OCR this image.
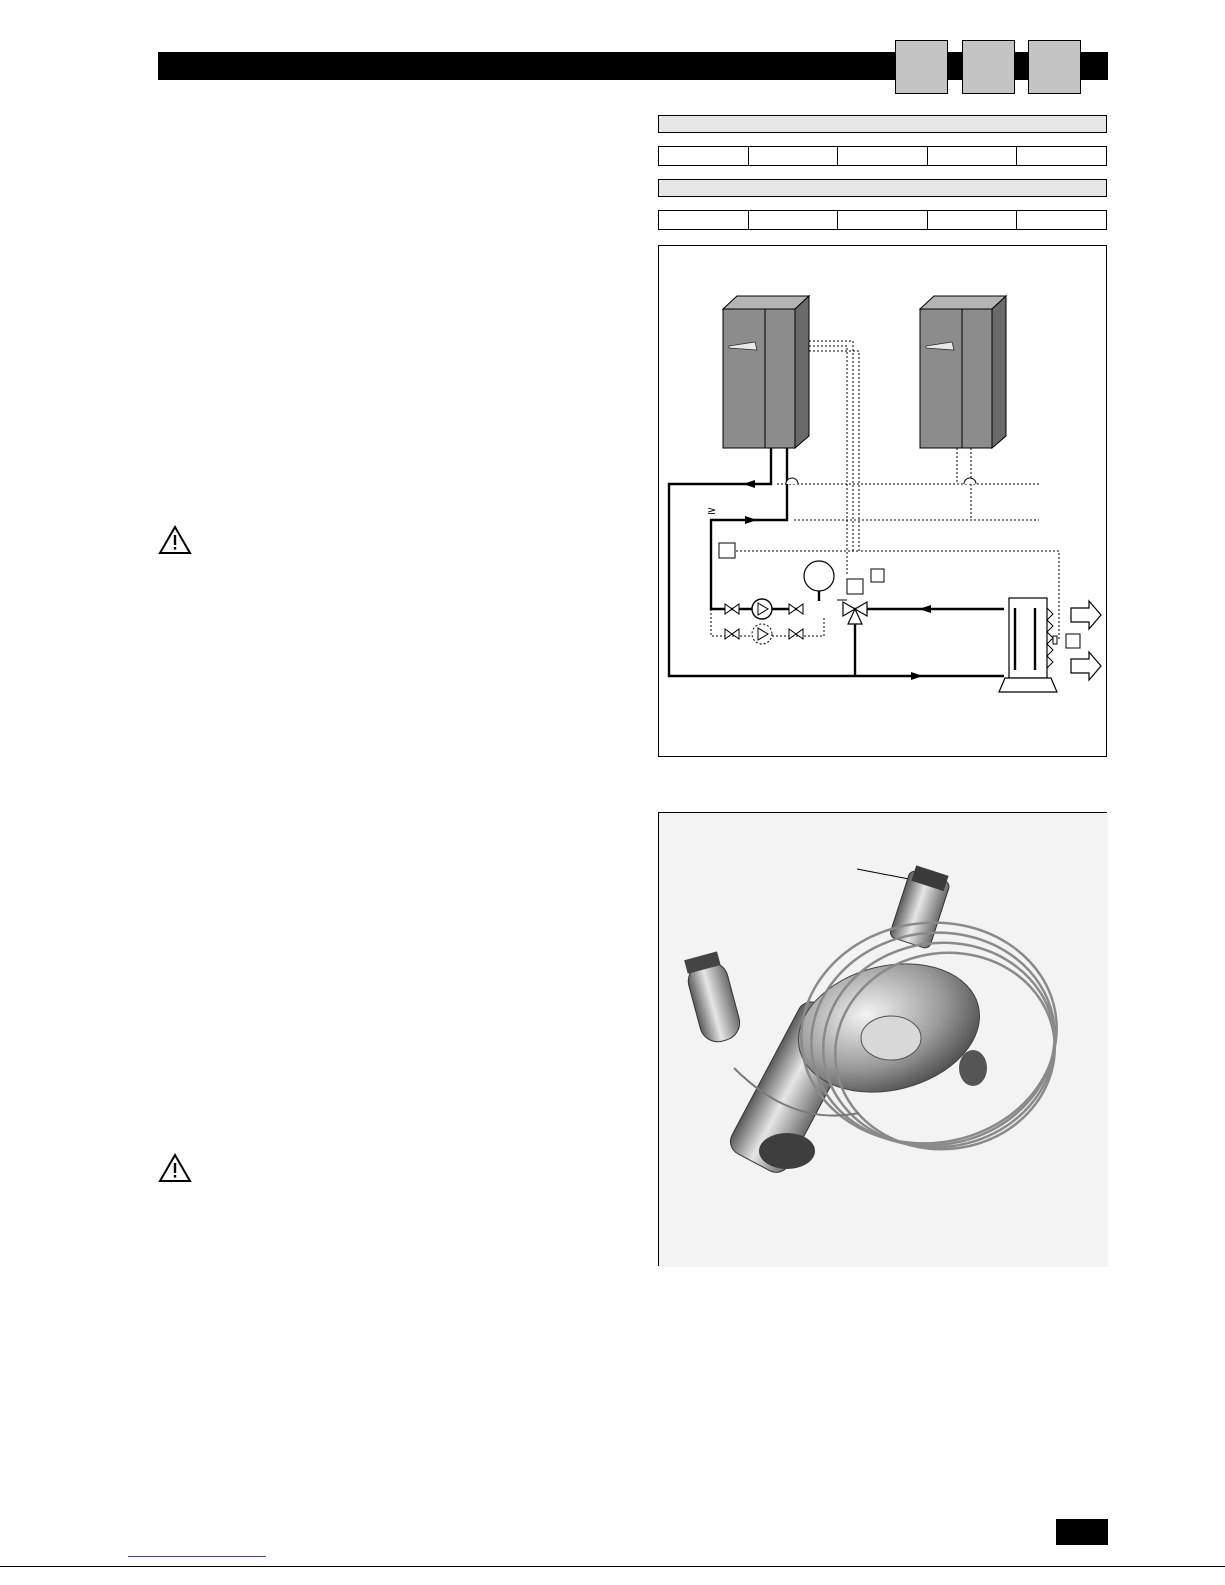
≥
